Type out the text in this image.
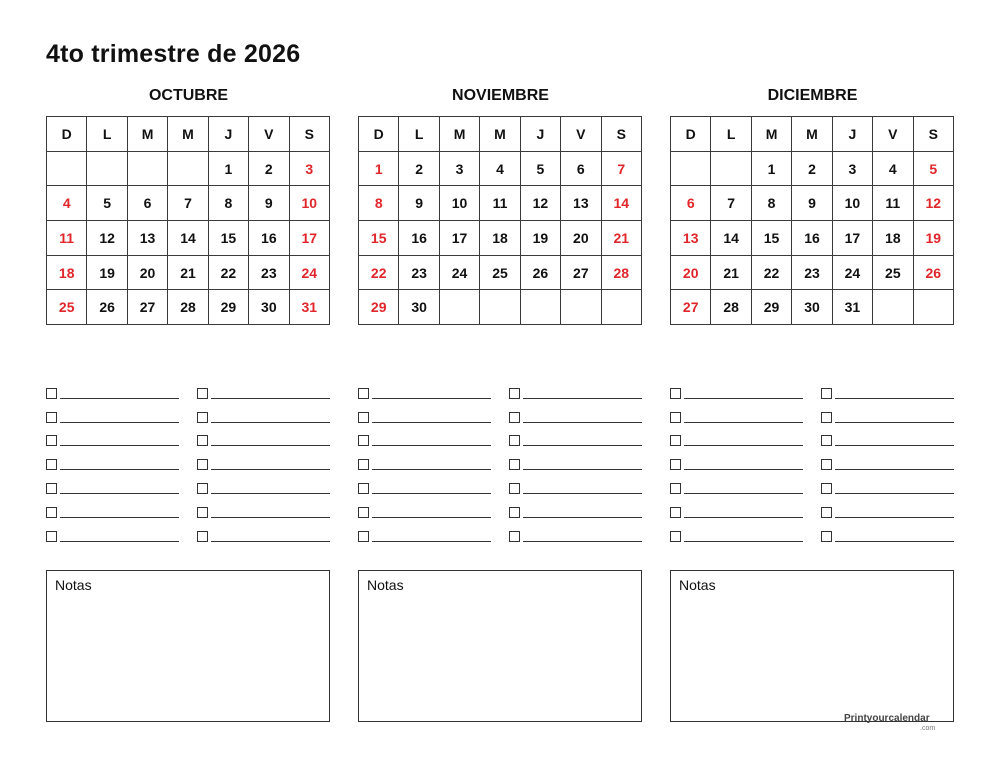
4to trimestre de 2026
OCTUBRE
D	L	M	M	J	V	S
				1	2	3
4	5	6	7	8	9	10
11	12	13	14	15	16	17
18	19	20	21	22	23	24
25	26	27	28	29	30	31
NOVIEMBRE
D	L	M	M	J	V	S
1	2	3	4	5	6	7
8	9	10	11	12	13	14
15	16	17	18	19	20	21
22	23	24	25	26	27	28
29	30					
DICIEMBRE
D	L	M	M	J	V	S
		1	2	3	4	5
6	7	8	9	10	11	12
13	14	15	16	17	18	19
20	21	22	23	24	25	26
27	28	29	30	31		
Notas	Notas	Notas
Printyourcalendar
.com
